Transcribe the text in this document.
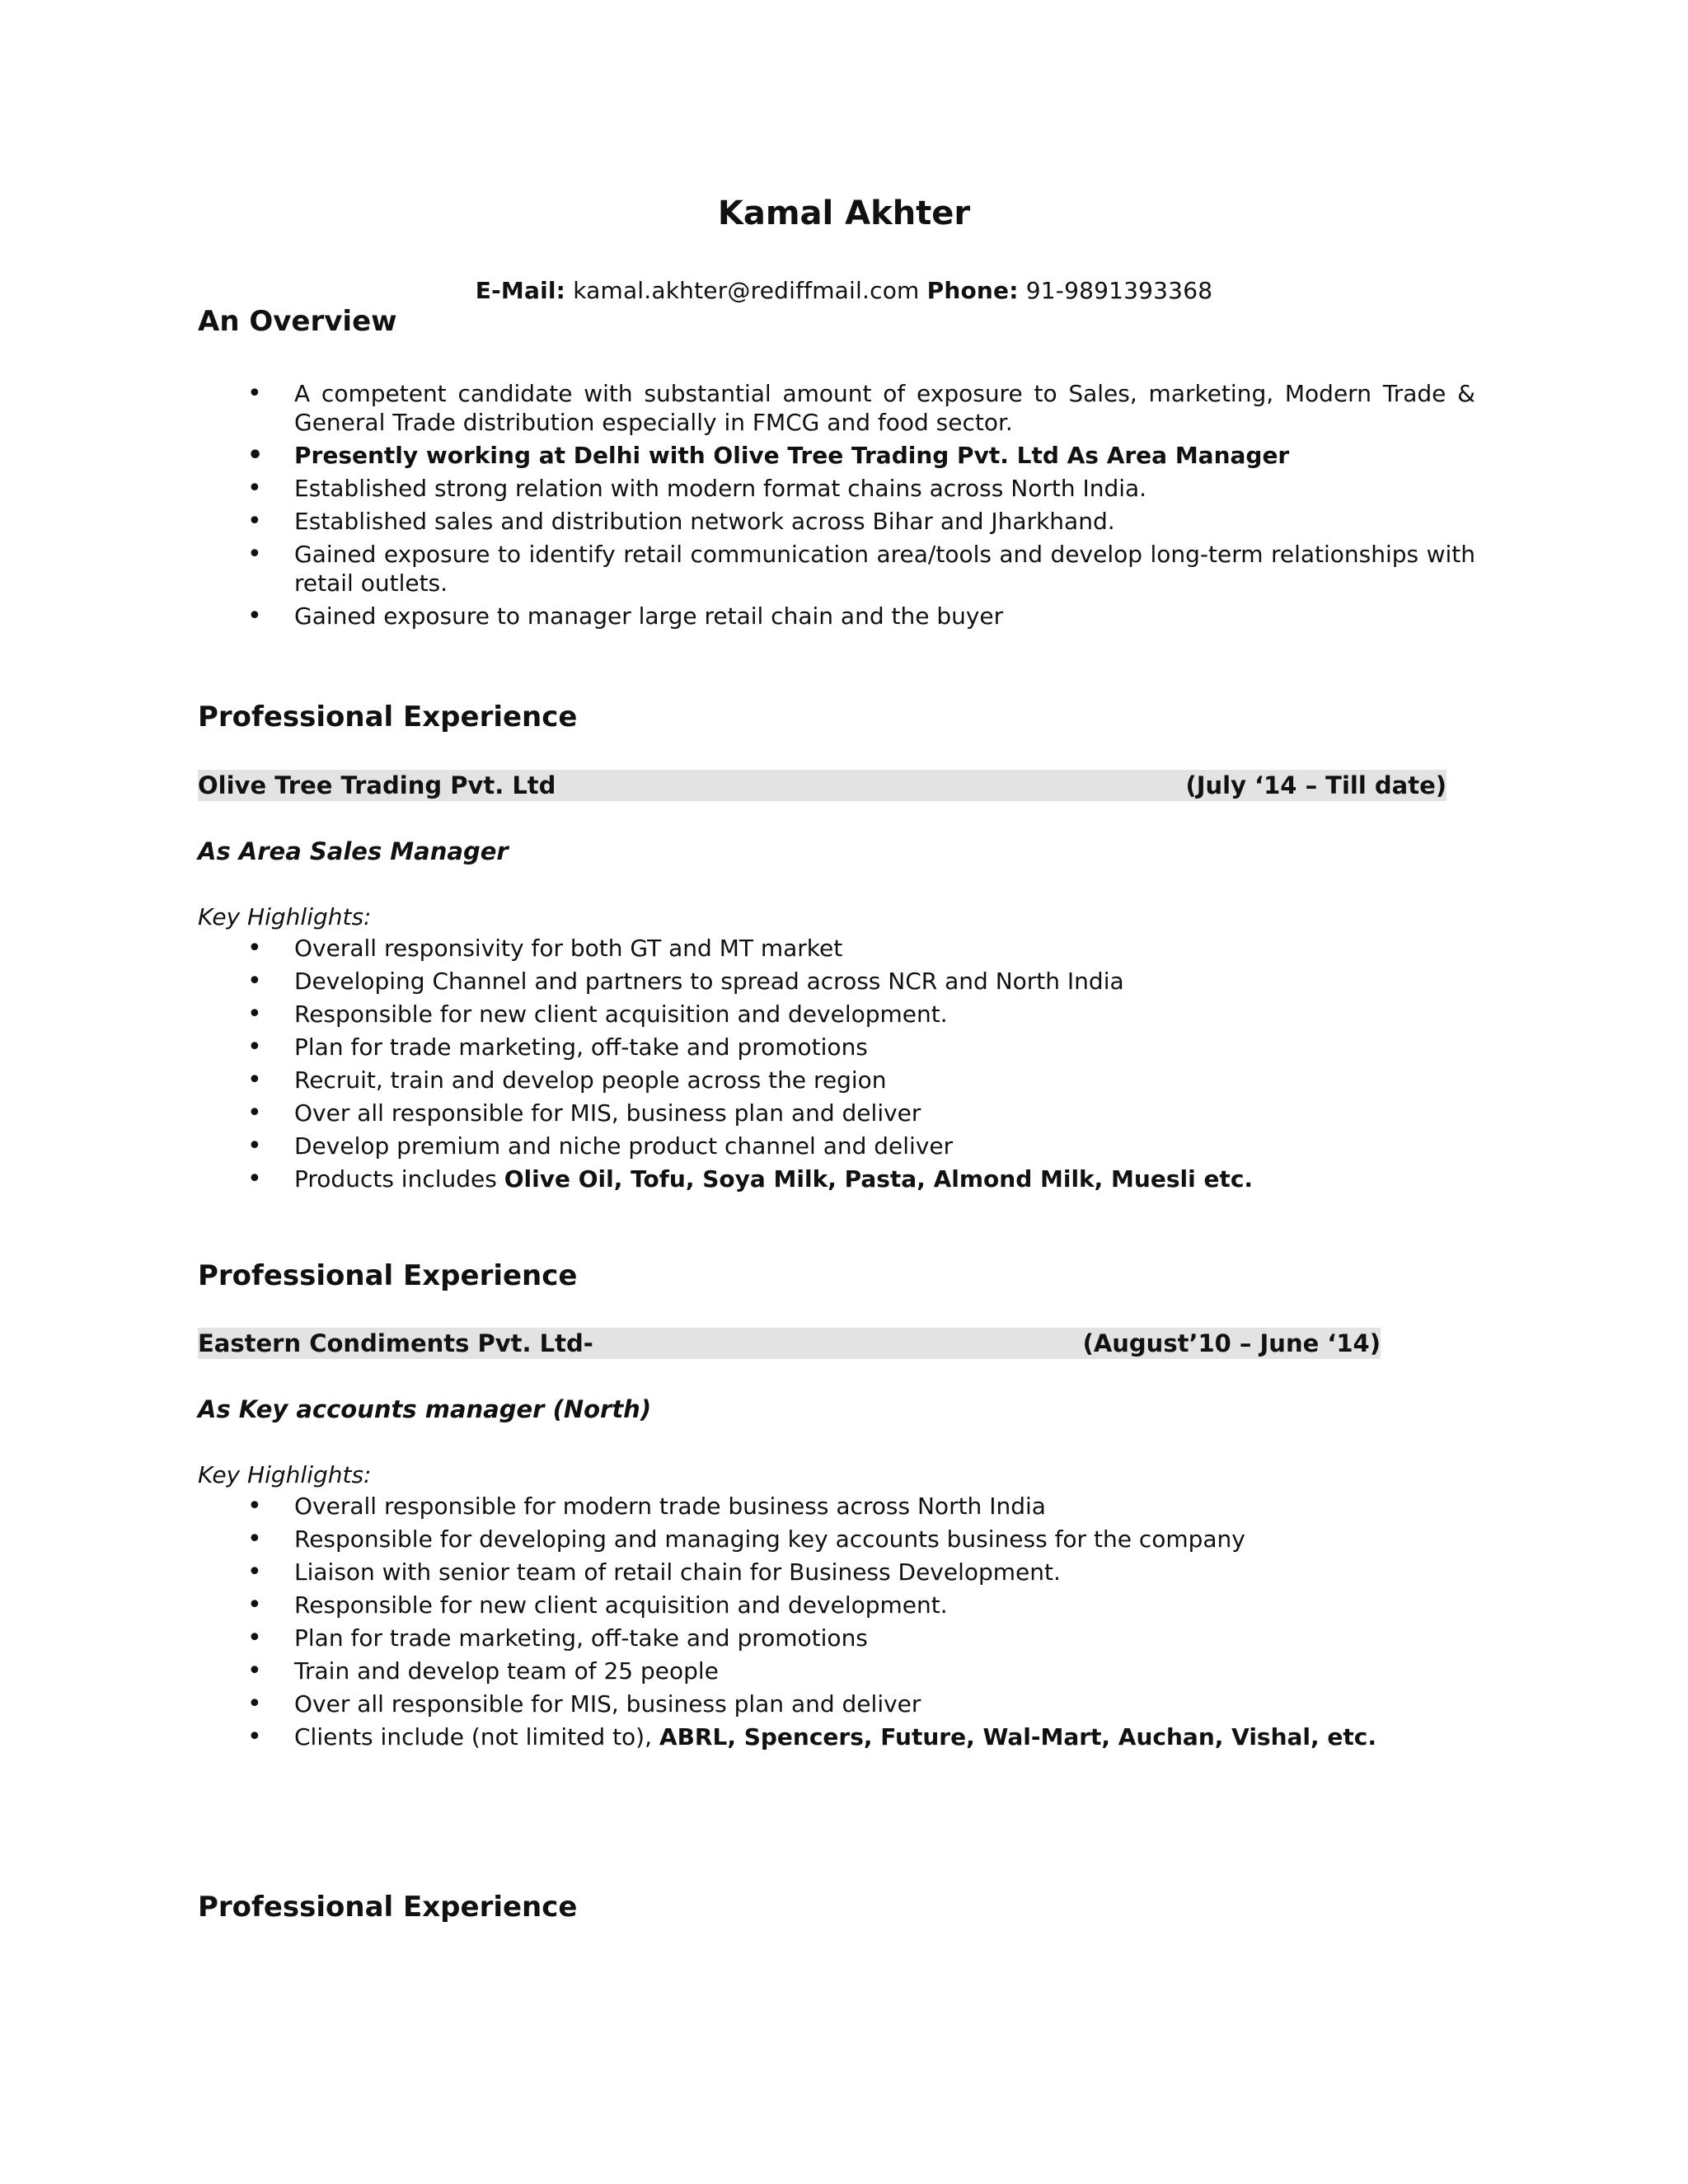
Kamal Akhter
E-Mail: kamal.akhter@rediffmail.com Phone: 91-9891393368
An Overview
• A competent candidate with substantial amount of exposure to Sales, marketing, Modern Trade & General Trade distribution especially in FMCG and food sector.
• Presently working at Delhi with Olive Tree Trading Pvt. Ltd As Area Manager
• Established strong relation with modern format chains across North India.
• Established sales and distribution network across Bihar and Jharkhand.
• Gained exposure to identify retail communication area/tools and develop long-term relationships with retail outlets.
• Gained exposure to manager large retail chain and the buyer
Professional Experience
Olive Tree Trading Pvt. Ltd	(July ‘14 – Till date)
As Area Sales Manager
Key Highlights:
• Overall responsivity for both GT and MT market
• Developing Channel and partners to spread across NCR and North India
• Responsible for new client acquisition and development.
• Plan for trade marketing, off-take and promotions
• Recruit, train and develop people across the region
• Over all responsible for MIS, business plan and deliver
• Develop premium and niche product channel and deliver
• Products includes Olive Oil, Tofu, Soya Milk, Pasta, Almond Milk, Muesli etc.
Professional Experience
Eastern Condiments Pvt. Ltd-	(August’10 – June ‘14)
As Key accounts manager (North)
Key Highlights:
• Overall responsible for modern trade business across North India
• Responsible for developing and managing key accounts business for the company
• Liaison with senior team of retail chain for Business Development.
• Responsible for new client acquisition and development.
• Plan for trade marketing, off-take and promotions
• Train and develop team of 25 people
• Over all responsible for MIS, business plan and deliver
• Clients include (not limited to), ABRL, Spencers, Future, Wal-Mart, Auchan, Vishal, etc.
Professional Experience
